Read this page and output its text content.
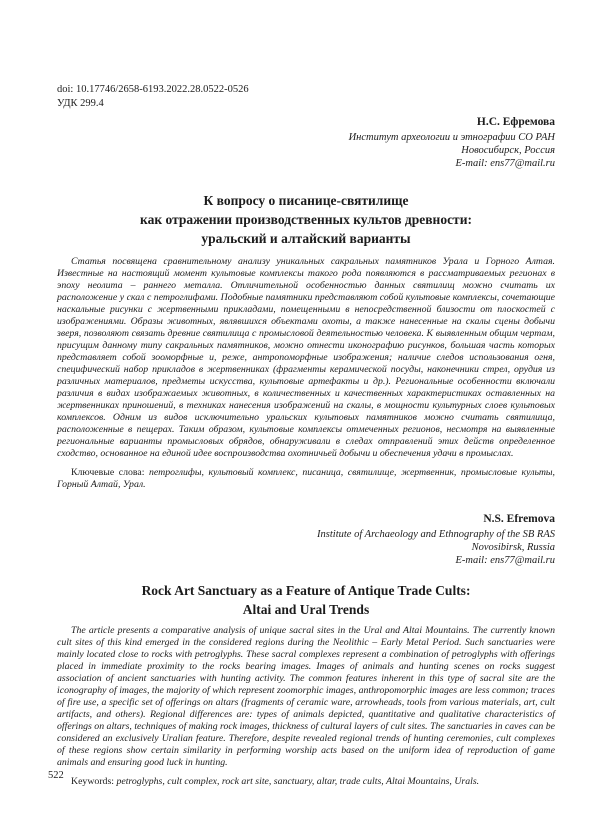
doi: 10.17746/2658-6193.2022.28.0522-0526
УДК 299.4
Н.С. Ефремова
Институт археологии и этнографии СО РАН
Новосибирск, Россия
E-mail: ens77@mail.ru
К вопросу о писанице-святилище
как отражении производственных культов древности:
уральский и алтайский варианты

Статья посвящена сравнительному анализу уникальных сакральных памятников Урала и Горного Алтая. Известные на настоящий момент культовые комплексы такого рода появляются в рассматриваемых регионах в эпоху неолита – раннего металла. Отличительной особенностью данных святилищ можно считать их расположение у скал с петроглифами. Подобные памятники представляют собой культовые комплексы, сочетающие наскальные рисунки с жертвенными прикладами, помещенными в непосредственной близости от плоскостей с изображениями. Образы животных, являвшихся объектами охоты, а также нанесенные на скалы сцены добычи зверя, позволяют связать древние святилища с промысловой деятельностью человека. К выявленным общим чертам, присущим данному типу сакральных памятников, можно отнести иконографию рисунков, большая часть которых представляет собой зооморфные и, реже, антропоморфные изображения; наличие следов использования огня, специфический набор прикладов в жертвенниках (фрагменты керамической посуды, наконечники стрел, орудия из различных материалов, предметы искусства, культовые артефакты и др.). Региональные особенности включали различия в видах изображаемых животных, в количественных и качественных характеристиках оставленных на жертвенниках приношений, в техниках нанесения изображений на скалы, в мощности культурных слоев культовых комплексов. Одним из видов исключительно уральских культовых памятников можно считать святилища, расположенные в пещерах. Таким образом, культовые комплексы отмеченных регионов, несмотря на выявленные региональные варианты промысловых обрядов, обнаруживали в следах отправлений этих действ определенное сходство, основанное на единой идее воспроизводства охотничьей добычи и обеспечения удачи в промыслах.

Ключевые слова: петроглифы, культовый комплекс, писаница, святилище, жертвенник, промысловые культы, Горный Алтай, Урал.

N.S. Efremova
Institute of Archaeology and Ethnography of the SB RAS
Novosibirsk, Russia
E-mail: ens77@mail.ru
Rock Art Sanctuary as a Feature of Antique Trade Cults:
Altai and Ural Trends

The article presents a comparative analysis of unique sacral sites in the Ural and Altai Mountains. The currently known cult sites of this kind emerged in the considered regions during the Neolithic – Early Metal Period. Such sanctuaries were mainly located close to rocks with petroglyphs. These sacral complexes represent a combination of petroglyphs with offerings placed in immediate proximity to the rocks bearing images. Images of animals and hunting scenes on rocks suggest association of ancient sanctuaries with hunting activity. The common features inherent in this type of sacral site are the iconography of images, the majority of which represent zoomorphic images, anthropomorphic images are less common; traces of fire use, a specific set of offerings on altars (fragments of ceramic ware, arrowheads, tools from various materials, art, cult artifacts, and others). Regional differences are: types of animals depicted, quantitative and qualitative characteristics of offerings on altars, techniques of making rock images, thickness of cultural layers of cult sites. The sanctuaries in caves can be considered an exclusively Uralian feature. Therefore, despite revealed regional trends of hunting ceremonies, cult complexes of these regions show certain similarity in performing worship acts based on the uniform idea of reproduction of game animals and ensuring good luck in hunting.

Keywords: petroglyphs, cult complex, rock art site, sanctuary, altar, trade cults, Altai Mountains, Urals.

522
